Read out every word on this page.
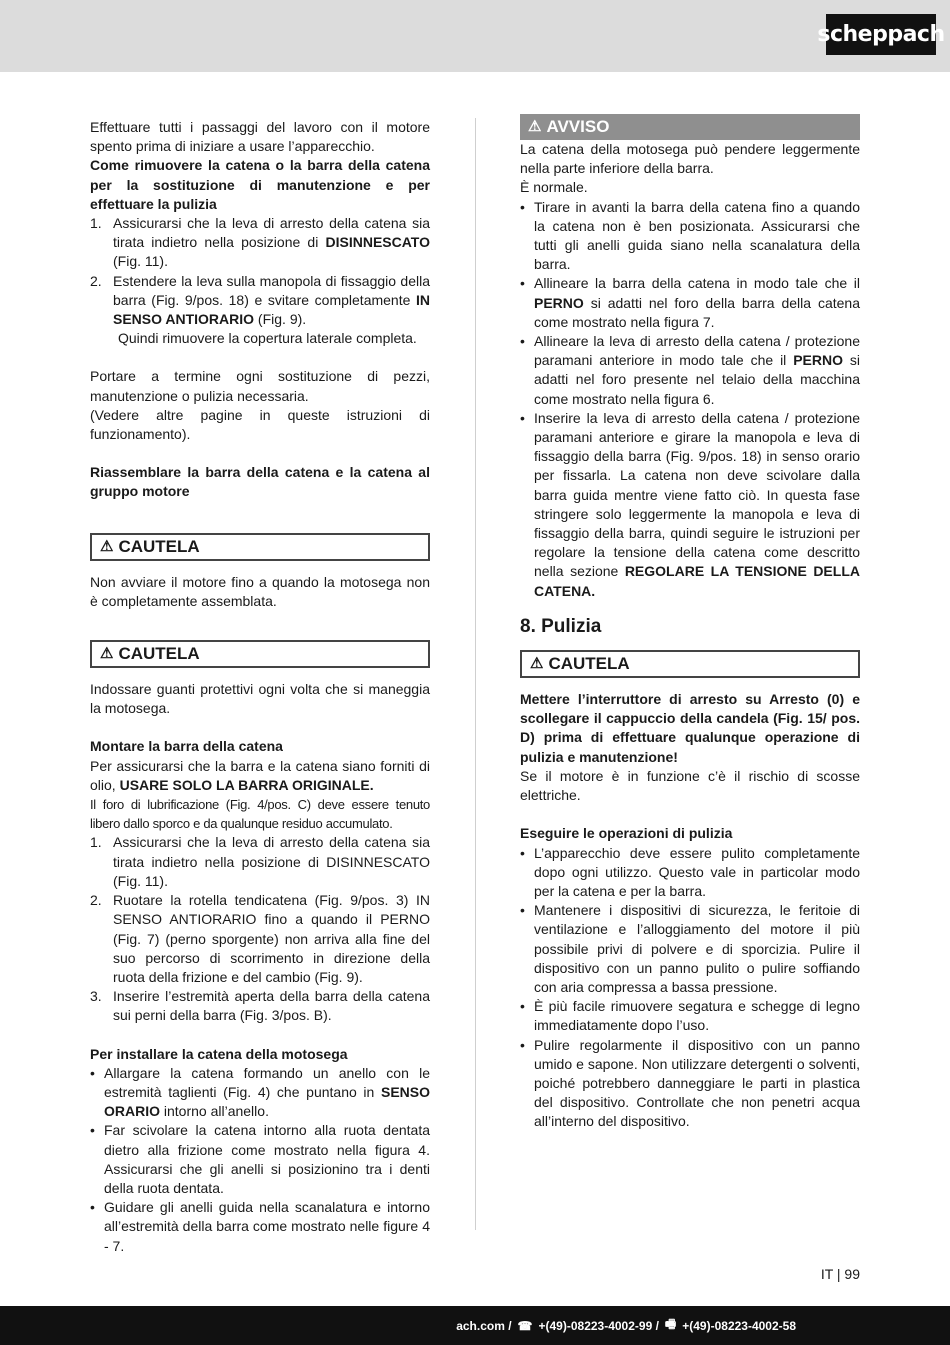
scheppach

Effettuare tutti i passaggi del lavoro con il motore spento prima di iniziare a usare l’apparecchio.

Come rimuovere la catena o la barra della catena per la sostituzione di manutenzione e per effettuare la pulizia

1. Assicurarsi che la leva di arresto della catena sia tirata indietro nella posizione di DISINNESCATO (Fig. 11).
2. Estendere la leva sulla manopola di fissaggio della barra (Fig. 9/pos. 18) e svitare completamente IN SENSO ANTIORARIO (Fig. 9).

Quindi rimuovere la copertura laterale completa.

Portare a termine ogni sostituzione di pezzi, manutenzione o pulizia necessaria.

(Vedere altre pagine in queste istruzioni di funzionamento).

Riassemblare la barra della catena e la catena al gruppo motore

⚠ CAUTELA

Non avviare il motore fino a quando la motosega non è completamente assemblata.

⚠ CAUTELA

Indossare guanti protettivi ogni volta che si maneggia la motosega.

Montare la barra della catena

Per assicurarsi che la barra e la catena siano forniti di olio, USARE SOLO LA BARRA ORIGINALE.

Il foro di lubrificazione (Fig. 4/pos. C) deve essere tenuto libero dallo sporco e da qualunque residuo accumulato.

1. Assicurarsi che la leva di arresto della catena sia tirata indietro nella posizione di DISINNESCATO (Fig. 11).
2. Ruotare la rotella tendicatena (Fig. 9/pos. 3) IN SENSO ANTIORARIO fino a quando il PERNO (Fig. 7) (perno sporgente) non arriva alla fine del suo percorso di scorrimento in direzione della ruota della frizione e del cambio (Fig. 9).
3. Inserire l’estremità aperta della barra della catena sui perni della barra (Fig. 3/pos. B).

Per installare la catena della motosega

• Allargare la catena formando un anello con le estremità taglienti (Fig. 4) che puntano in SENSO ORARIO intorno all’anello.
• Far scivolare la catena intorno alla ruota dentata dietro alla frizione come mostrato nella figura 4. Assicurarsi che gli anelli si posizionino tra i denti della ruota dentata.
• Guidare gli anelli guida nella scanalatura e intorno all’estremità della barra come mostrato nelle figure 4 - 7.
⚠ AVVISO

La catena della motosega può pendere leggermente nella parte inferiore della barra.

È normale.

• Tirare in avanti la barra della catena fino a quando la catena non è ben posizionata. Assicurarsi che tutti gli anelli guida siano nella scanalatura della barra.
• Allineare la barra della catena in modo tale che il PERNO si adatti nel foro della barra della catena come mostrato nella figura 7.
• Allineare la leva di arresto della catena / protezione paramani anteriore in modo tale che il PERNO si adatti nel foro presente nel telaio della macchina come mostrato nella figura 6.
• Inserire la leva di arresto della catena / protezione paramani anteriore e girare la manopola e leva di fissaggio della barra (Fig. 9/pos. 18) in senso orario per fissarla. La catena non deve scivolare dalla barra guida mentre viene fatto ciò. In questa fase stringere solo leggermente la manopola e leva di fissaggio della barra, quindi seguire le istruzioni per regolare la tensione della catena come descritto nella sezione REGOLARE LA TENSIONE DELLA CATENA.
8. Pulizia
⚠ CAUTELA

Mettere l’interruttore di arresto su Arresto (0) e scollegare il cappuccio della candela (Fig. 15/ pos. D) prima di effettuare qualunque operazione di pulizia e manutenzione!

Se il motore è in funzione c’è il rischio di scosse elettriche.

Eseguire le operazioni di pulizia

• L’apparecchio deve essere pulito completamente dopo ogni utilizzo. Questo vale in particolar modo per la catena e per la barra.
• Mantenere i dispositivi di sicurezza, le feritoie di ventilazione e l’alloggiamento del motore il più possibile privi di polvere e di sporcizia. Pulire il dispositivo con un panno pulito o pulire soffiando con aria compressa a bassa pressione.
• È più facile rimuovere segatura e schegge di legno immediatamente dopo l’uso.
• Pulire regolarmente il dispositivo con un panno umido e sapone. Non utilizzare detergenti o solventi, poiché potrebbero danneggiare le parti in plastica del dispositivo. Controllate che non penetri acqua all’interno del dispositivo.
IT | 99
ach.com / ☎ +(49)-08223-4002-99 / 🖷 +(49)-08223-4002-58
